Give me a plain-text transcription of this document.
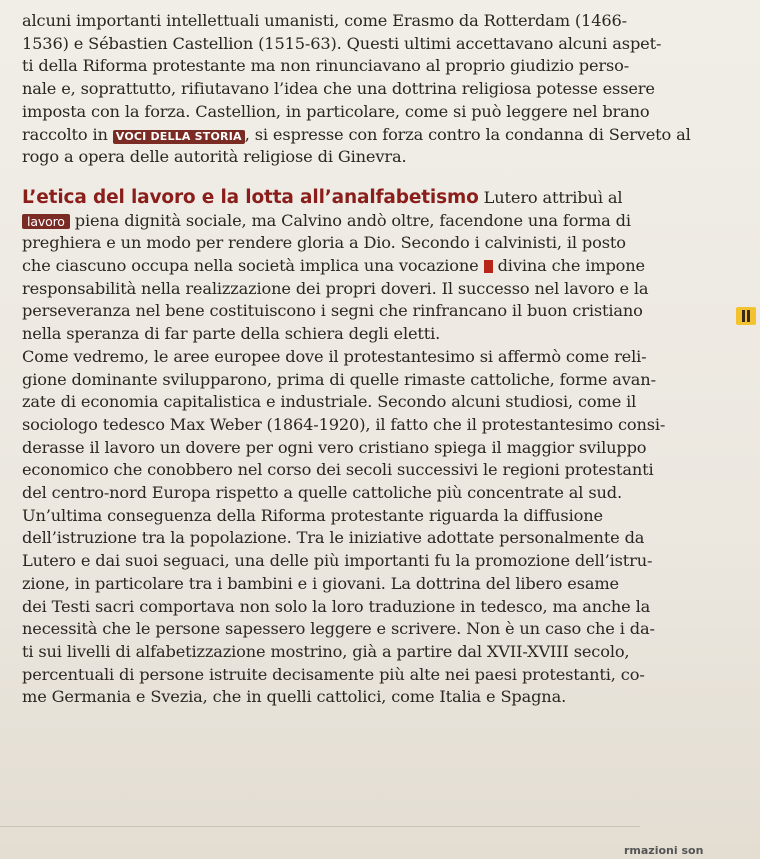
alcuni importanti intellettuali umanisti, come Erasmo da Rotterdam (1466-
1536) e Sébastien Castellion (1515-63). Questi ultimi accettavano alcuni aspet-
ti della Riforma protestante ma non rinunciavano al proprio giudizio perso-
nale e, soprattutto, rifiutavano l’idea che una dottrina religiosa potesse essere
imposta con la forza. Castellion, in particolare, come si può leggere nel brano
raccolto in VOCI DELLA STORIA , si espresse con forza contro la condanna di Serveto al
rogo a opera delle autorità religiose di Ginevra.
L’etica del lavoro e la lotta all’analfabetismo Lutero attribuì al
lavoro piena dignità sociale, ma Calvino andò oltre, facendone una forma di
preghiera e un modo per rendere gloria a Dio. Secondo i calvinisti, il posto
che ciascuno occupa nella società implica una vocazione  divina che impone
responsabilità nella realizzazione dei propri doveri. Il successo nel lavoro e la
perseveranza nel bene costituiscono i segni che rinfrancano il buon cristiano
nella speranza di far parte della schiera degli eletti.
Come vedremo, le aree europee dove il protestantesimo si affermò come reli-
gione dominante svilupparono, prima di quelle rimaste cattoliche, forme avan-
zate di economia capitalistica e industriale. Secondo alcuni studiosi, come il
sociologo tedesco Max Weber (1864-1920), il fatto che il protestantesimo consi-
derasse il lavoro un dovere per ogni vero cristiano spiega il maggior sviluppo
economico che conobbero nel corso dei secoli successivi le regioni protestanti
del centro-nord Europa rispetto a quelle cattoliche più concentrate al sud.
Un’ultima conseguenza della Riforma protestante riguarda la diffusione
dell’istruzione tra la popolazione. Tra le iniziative adottate personalmente da
Lutero e dai suoi seguaci, una delle più importanti fu la promozione dell’istru-
zione, in particolare tra i bambini e i giovani. La dottrina del libero esame
dei Testi sacri comportava non solo la loro traduzione in tedesco, ma anche la
necessità che le persone sapessero leggere e scrivere. Non è un caso che i da-
ti sui livelli di alfabetizzazione mostrino, già a partire dal XVII-XVIII secolo,
percentuali di persone istruite decisamente più alte nei paesi protestanti, co-
me Germania e Svezia, che in quelli cattolici, come Italia e Spagna.
rmazioni son
